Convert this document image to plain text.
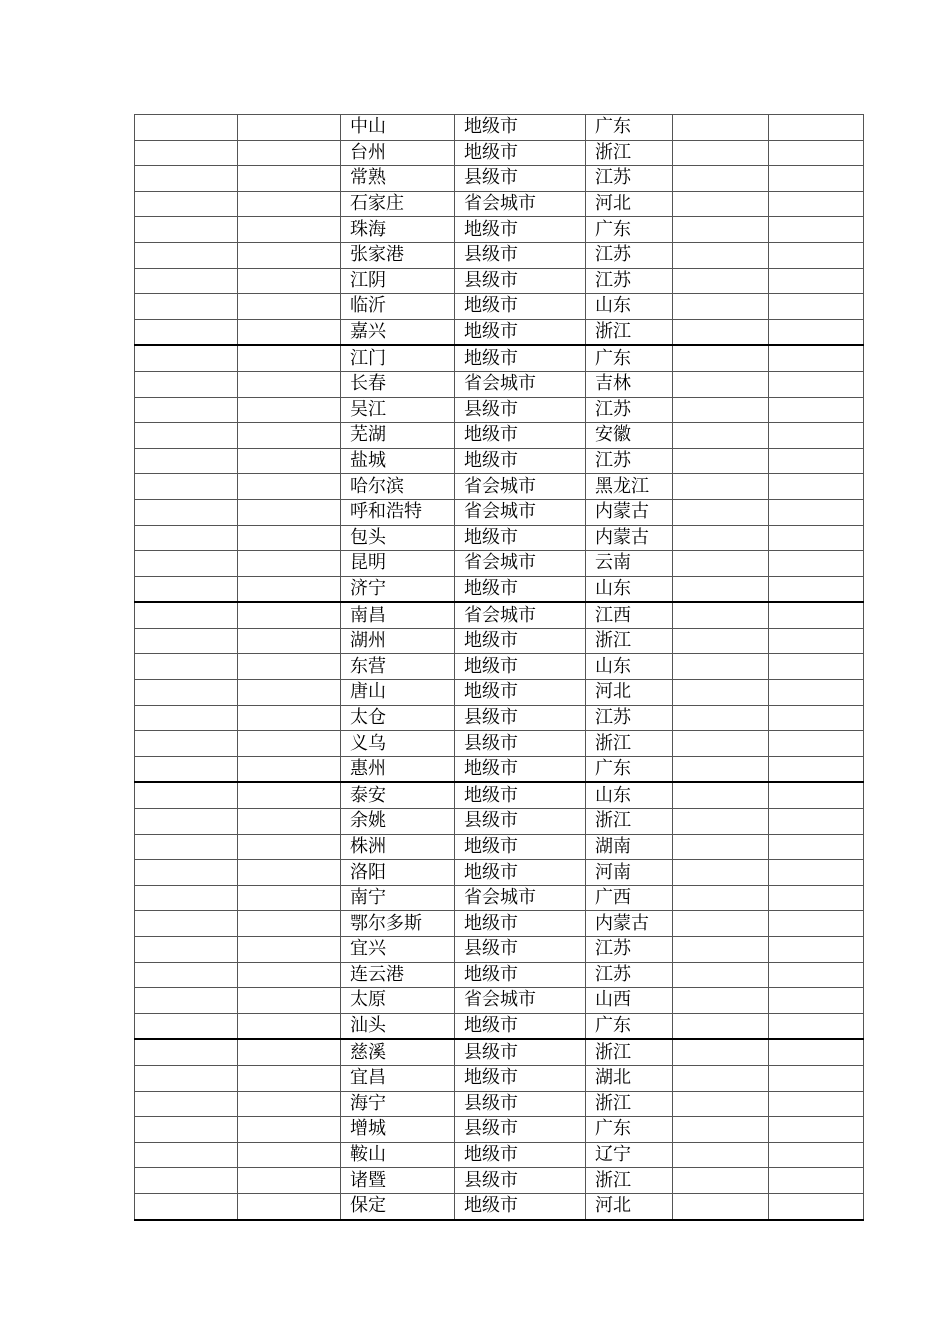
		中山	地级市	广东		
		台州	地级市	浙江		
		常熟	县级市	江苏		
		石家庄	省会城市	河北		
		珠海	地级市	广东		
		张家港	县级市	江苏		
		江阴	县级市	江苏		
		临沂	地级市	山东		
		嘉兴	地级市	浙江		
		江门	地级市	广东		
		长春	省会城市	吉林		
		吴江	县级市	江苏		
		芜湖	地级市	安徽		
		盐城	地级市	江苏		
		哈尔滨	省会城市	黑龙江		
		呼和浩特	省会城市	内蒙古		
		包头	地级市	内蒙古		
		昆明	省会城市	云南		
		济宁	地级市	山东		
		南昌	省会城市	江西		
		湖州	地级市	浙江		
		东营	地级市	山东		
		唐山	地级市	河北		
		太仓	县级市	江苏		
		义乌	县级市	浙江		
		惠州	地级市	广东		
		泰安	地级市	山东		
		余姚	县级市	浙江		
		株洲	地级市	湖南		
		洛阳	地级市	河南		
		南宁	省会城市	广西		
		鄂尔多斯	地级市	内蒙古		
		宜兴	县级市	江苏		
		连云港	地级市	江苏		
		太原	省会城市	山西		
		汕头	地级市	广东		
		慈溪	县级市	浙江		
		宜昌	地级市	湖北		
		海宁	县级市	浙江		
		增城	县级市	广东		
		鞍山	地级市	辽宁		
		诸暨	县级市	浙江		
		保定	地级市	河北		
